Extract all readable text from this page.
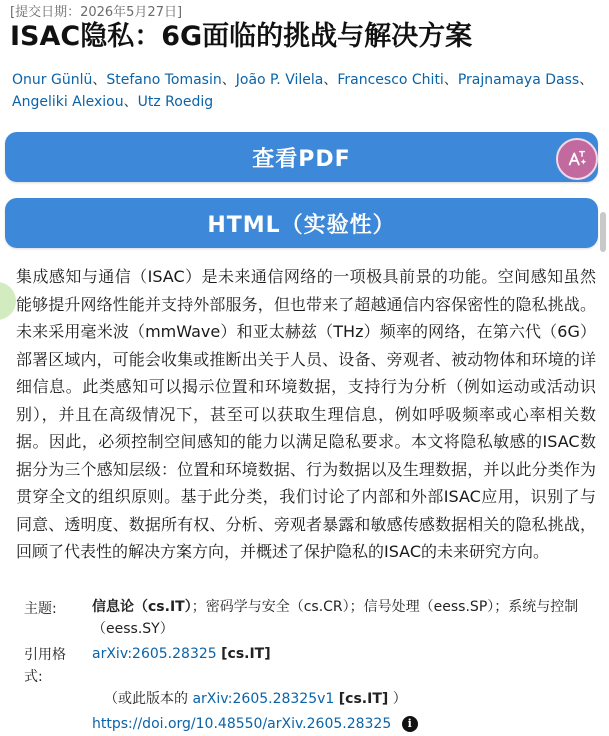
[提交日期：2026年5月27日]
ISAC隐私：6G面临的挑战与解决方案
Onur Günlü、Stefano Tomasin、João P. Vilela、Francesco Chiti、Prajnamaya Dass、Angeliki Alexiou、Utz Roedig
查看PDF
HTML（实验性）
集成感知与通信（ISAC）是未来通信网络的一项极具前景的功能。空间感知虽然能够提升网络性能并支持外部服务，但也带来了超越通信内容保密性的隐私挑战。未来采用毫米波（mmWave）和亚太赫兹（THz）频率的网络，在第六代（6G）部署区域内，可能会收集或推断出关于人员、设备、旁观者、被动物体和环境的详细信息。此类感知可以揭示位置和环境数据，支持行为分析（例如运动或活动识别），并且在高级情况下，甚至可以获取生理信息，例如呼吸频率或心率相关数据。因此，必须控制空间感知的能力以满足隐私要求。本文将隐私敏感的ISAC数据分为三个感知层级：位置和环境数据、行为数据以及生理数据，并以此分类作为贯穿全文的组织原则。基于此分类，我们讨论了内部和外部ISAC应用，识别了与同意、透明度、数据所有权、分析、旁观者暴露和敏感传感数据相关的隐私挑战，回顾了代表性的解决方案方向，并概述了保护隐私的ISAC的未来研究方向。
主题:	信息论（cs.IT）；密码学与安全（cs.CR）；信号处理（eess.SP）；系统与控制（eess.SY）
引用格
式:
arXiv:2605.28325 [cs.IT]
（或此版本的 arXiv:2605.28325v1 [cs.IT] ）
https://doi.org/10.48550/arXiv.2605.28325 i
